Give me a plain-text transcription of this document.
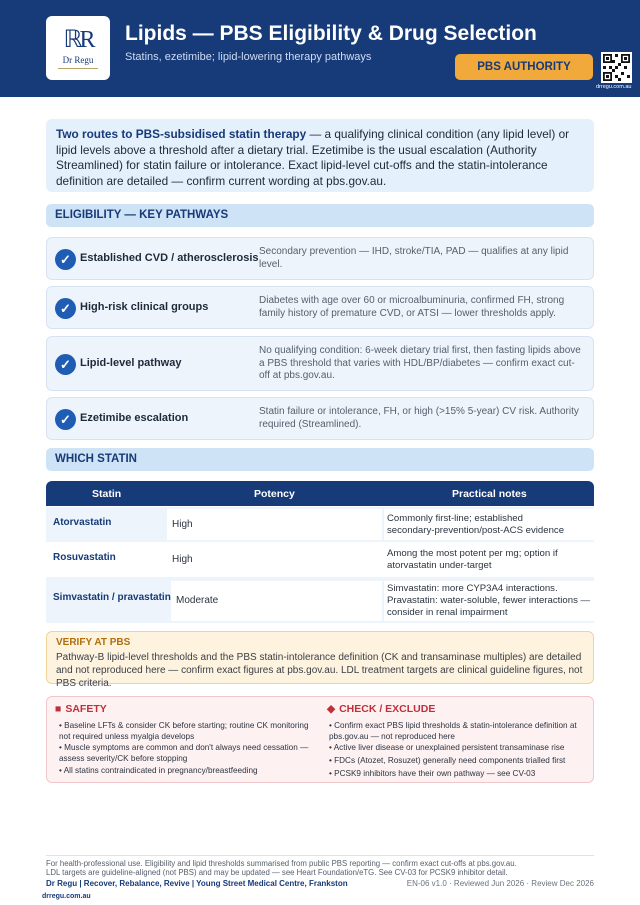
ℝR
Dr Regu
Lipids — PBS Eligibility & Drug Selection
Statins, ezetimibe; lipid-lowering therapy pathways
PBS AUTHORITY
drregu.com.au
Two routes to PBS-subsidised statin therapy — a qualifying clinical condition (any lipid level) or lipid levels above a threshold after a dietary trial. Ezetimibe is the usual escalation (Authority Streamlined) for statin failure or intolerance. Exact lipid-level cut-offs and the statin-intolerance definition are detailed — confirm current wording at pbs.gov.au.
ELIGIBILITY — KEY PATHWAYS
✓ Established CVD / atherosclerosis
Secondary prevention — IHD, stroke/TIA, PAD — qualifies at any lipid level.
✓ High-risk clinical groups
Diabetes with age over 60 or microalbuminuria, confirmed FH, strong family history of premature CVD, or ATSI — lower thresholds apply.
✓ Lipid-level pathway
No qualifying condition: 6-week dietary trial first, then fasting lipids above a PBS threshold that varies with HDL/BP/diabetes — confirm exact cut-off at pbs.gov.au.
✓ Ezetimibe escalation
Statin failure or intolerance, FH, or high (>15% 5-year) CV risk. Authority required (Streamlined).
WHICH STATIN
Statin	Potency	Practical notes
Atorvastatin	High
Commonly first-line; established
secondary-prevention/post-ACS evidence
Rosuvastatin	High
Among the most potent per mg; option if
atorvastatin under-target
Simvastatin / pravastatin Moderate
Simvastatin: more CYP3A4 interactions.
Pravastatin: water-soluble, fewer interactions —
consider in renal impairment
VERIFY AT PBS
Pathway-B lipid-level thresholds and the PBS statin-intolerance definition (CK and transaminase multiples) are detailed and not reproduced here — confirm exact figures at pbs.gov.au. LDL treatment targets are clinical guideline figures, not PBS criteria.
■ SAFETY
• Baseline LFTs & consider CK before starting; routine CK monitoring not required unless myalgia develops
• Muscle symptoms are common and don't always need cessation — assess severity/CK before stopping
• All statins contraindicated in pregnancy/breastfeeding
◆ CHECK / EXCLUDE
• Confirm exact PBS lipid thresholds & statin-intolerance definition at pbs.gov.au — not reproduced here
• Active liver disease or unexplained persistent transaminase rise
• FDCs (Atozet, Rosuzet) generally need components trialled first
• PCSK9 inhibitors have their own pathway — see CV-03
For health-professional use. Eligibility and lipid thresholds summarised from public PBS reporting — confirm exact cut-offs at pbs.gov.au.
LDL targets are guideline-aligned (not PBS) and may be updated — see Heart Foundation/eTG. See CV-03 for PCSK9 inhibitor detail.
Dr Regu | Recover, Rebalance, Revive | Young Street Medical Centre, Frankston	EN-06 v1.0 · Reviewed Jun 2026 · Review Dec 2026
drregu.com.au
